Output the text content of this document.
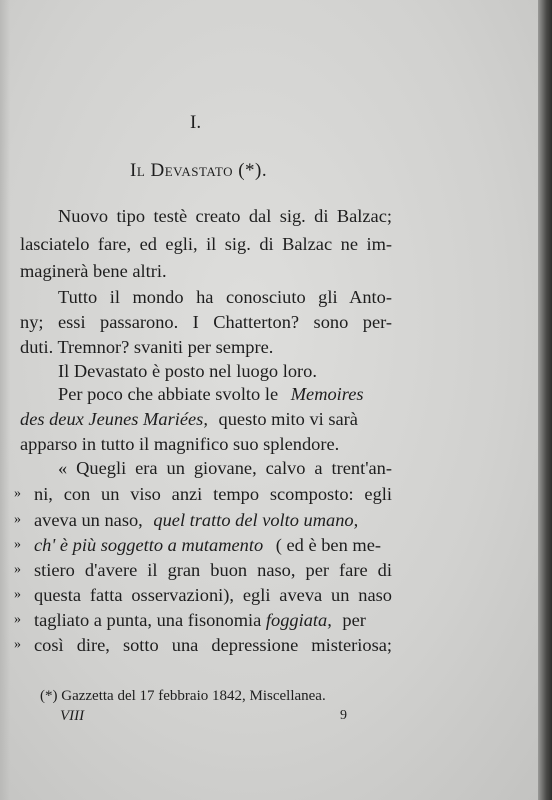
I.
Il Devastato (*).
Nuovo tipo testè creato dal sig. di Balzac;
lasciatelo fare, ed egli, il sig. di Balzac ne im-
maginerà bene altri.
Tutto il mondo ha conosciuto gli Anto-
ny; essi passarono. I Chatterton? sono per-
duti. Tremnor? svaniti per sempre.
Il Devastato è posto nel luogo loro.
Per poco che abbiate svolto le Memoires
des deux Jeunes Mariées, questo mito vi sarà
apparso in tutto il magnifico suo splendore.
« Quegli era un giovane, calvo a trent'an-
» ni, con un viso anzi tempo scomposto: egli
» aveva un naso, quel tratto del volto umano,
» ch' è più soggetto a mutamento ( ed è ben me-
» stiero d'avere il gran buon naso, per fare di
» questa fatta osservazioni), egli aveva un naso
» tagliato a punta, una fisonomia foggiata, per
» così dire, sotto una depressione misteriosa;
(*) Gazzetta del 17 febbraio 1842, Miscellanea.
VIII	9
